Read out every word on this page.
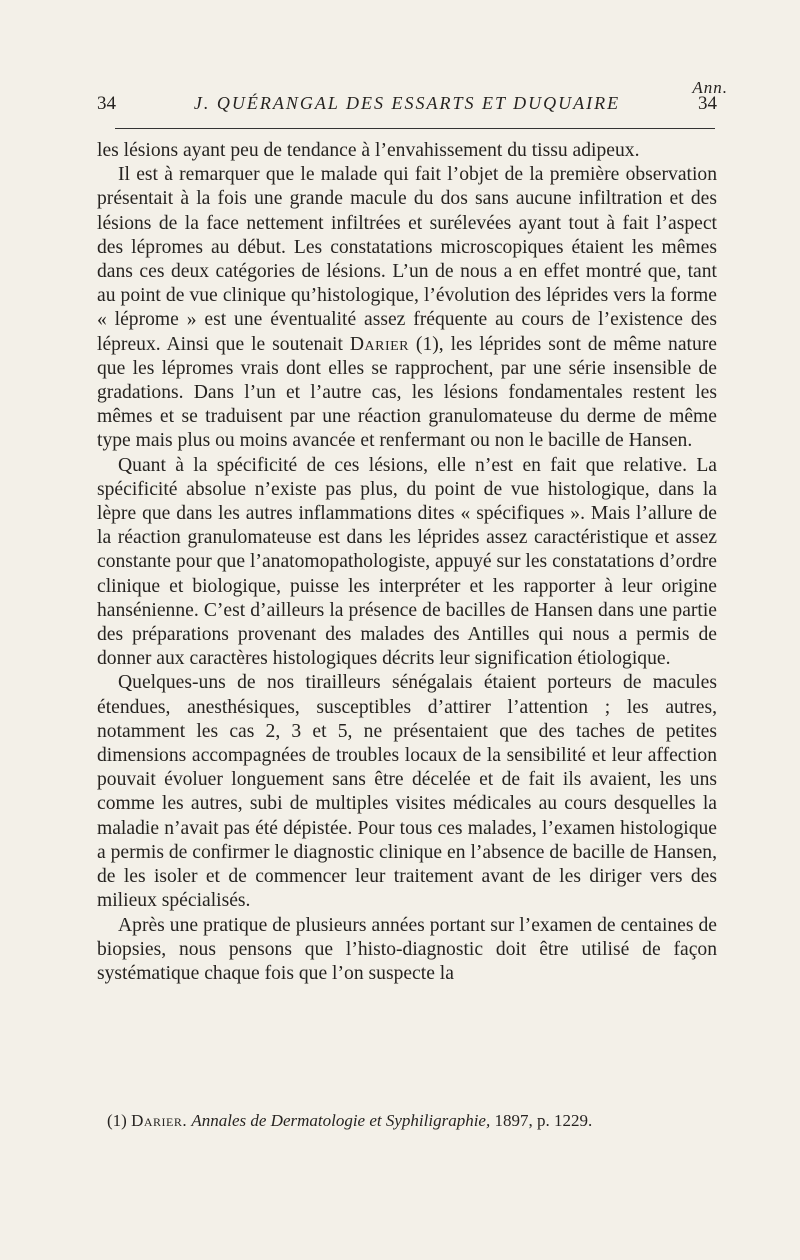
Ann.
34	J. QUÉRANGAL DES ESSARTS ET DUQUAIRE	34

les lésions ayant peu de tendance à l’envahissement du tissu adipeux.

Il est à remarquer que le malade qui fait l’objet de la première observation présentait à la fois une grande macule du dos sans aucune infiltration et des lésions de la face nettement infiltrées et surélevées ayant tout à fait l’aspect des lépromes au début. Les constatations microscopiques étaient les mêmes dans ces deux catégories de lésions. L’un de nous a en effet montré que, tant au point de vue clinique qu’histologique, l’évolution des léprides vers la forme « lépromе » est une éventualité assez fréquente au cours de l’existence des lépreux. Ainsi que le soutenait Darier (1), les léprides sont de même nature que les lépromes vrais dont elles se rapprochent, par une série insensible de gradations. Dans l’un et l’autre cas, les lésions fondamentales restent les mêmes et se traduisent par une réaction granulomateuse du derme de même type mais plus ou moins avancée et renfermant ou non le bacille de Hansen.

Quant à la spécificité de ces lésions, elle n’est en fait que relative. La spécificité absolue n’existe pas plus, du point de vue histologique, dans la lèpre que dans les autres inflammations dites « spécifiques ». Mais l’allure de la réaction granulomateuse est dans les léprides assez caractéristique et assez constante pour que l’anatomopathologiste, appuyé sur les constatations d’ordre clinique et biologique, puisse les interpréter et les rapporter à leur origine hansénienne. C’est d’ailleurs la présence de bacilles de Hansen dans une partie des préparations provenant des malades des Antilles qui nous a permis de donner aux caractères histologiques décrits leur signification étiologique.

Quelques-uns de nos tirailleurs sénégalais étaient porteurs de macules étendues, anesthésiques, susceptibles d’attirer l’attention ; les autres, notamment les cas 2, 3 et 5, ne présentaient que des taches de petites dimensions accompagnées de troubles locaux de la sensibilité et leur affection pouvait évoluer longuement sans être décelée et de fait ils avaient, les uns comme les autres, subi de multiples visites médicales au cours desquelles la maladie n’avait pas été dépistée. Pour tous ces malades, l’examen histologique a permis de confirmer le diagnostic clinique en l’absence de bacille de Hansen, de les isoler et de commencer leur traitement avant de les diriger vers des milieux spécialisés.

Après une pratique de plusieurs années portant sur l’examen de centaines de biopsies, nous pensons que l’histo-diagnostic doit être utilisé de façon systématique chaque fois que l’on suspecte la

(1) Darier. Annales de Dermatologie et Syphiligraphie, 1897, p. 1229.
